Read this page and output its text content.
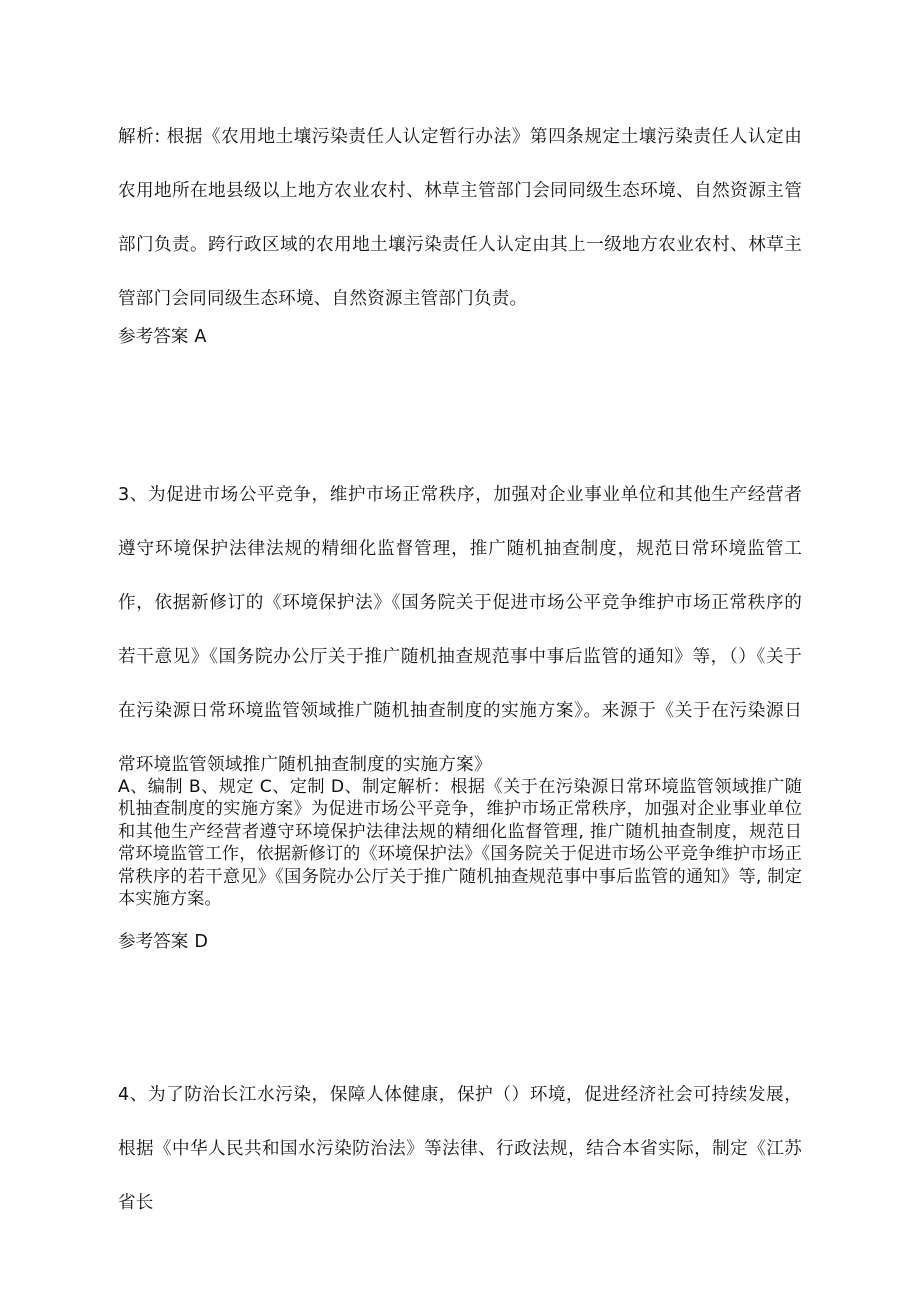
解析: 根据《农用地土壤污染责任人认定暂行办法》第四条规定土壤污染责任人认定由农用地所在地县级以上地方农业农村、林草主管部门会同同级生态环境、自然资源主管部门负责。跨行政区域的农用地土壤污染责任人认定由其上一级地方农业农村、林草主管部门会同同级生态环境、自然资源主管部门负责。

参考答案 A

3、为促进市场公平竞争，维护市场正常秩序，加强对企业事业单位和其他生产经营者遵守环境保护法律法规的精细化监督管理，推广随机抽查制度，规范日常环境监管工作，依据新修订的《环境保护法》《国务院关于促进市场公平竞争维护市场正常秩序的若干意见》《国务院办公厅关于推广随机抽查规范事中事后监管的通知》等，（）《关于在污染源日常环境监管领域推广随机抽查制度的实施方案》。来源于《关于在污染源日常环境监管领域推广随机抽查制度的实施方案》

A、编制 B、规定 C、定制 D、制定解析：根据《关于在污染源日常环境监管领域推广随机抽查制度的实施方案》为促进市场公平竞争，维护市场正常秩序，加强对企业事业单位和其他生产经营者遵守环境保护法律法规的精细化监督管理, 推广随机抽查制度，规范日常环境监管工作，依据新修订的《环境保护法》《国务院关于促进市场公平竞争维护市场正常秩序的若干意见》《国务院办公厅关于推广随机抽查规范事中事后监管的通知》等, 制定本实施方案。

参考答案 D

4、为了防治长江水污染，保障人体健康，保护（）环境，促进经济社会可持续发展，根据《中华人民共和国水污染防治法》等法律、行政法规，结合本省实际，制定《江苏省长
